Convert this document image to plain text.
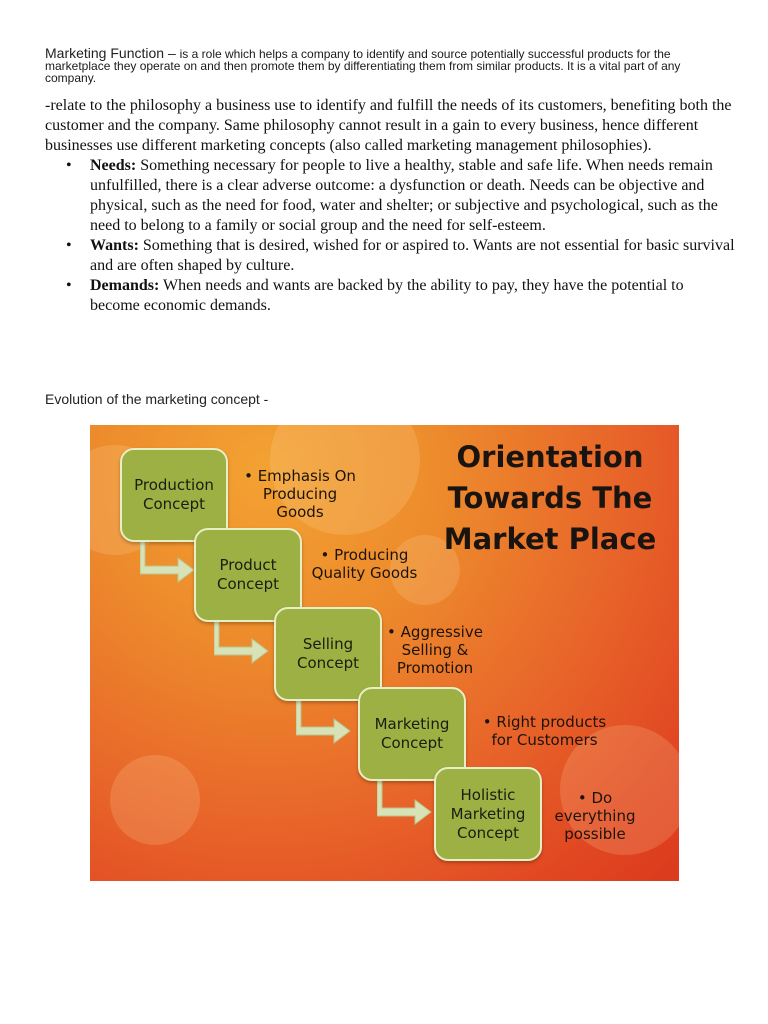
Marketing Function – is a role which helps a company to identify and source potentially successful products for the marketplace they operate on and then promote them by differentiating them from similar products. It is a vital part of any company.

-relate to the philosophy a business use to identify and fulfill the needs of its customers, benefiting both the customer and the company. Same philosophy cannot result in a gain to every business, hence different businesses use different marketing concepts (also called marketing management philosophies).

• Needs: Something necessary for people to live a healthy, stable and safe life. When needs remain unfulfilled, there is a clear adverse outcome: a dysfunction or death. Needs can be objective and physical, such as the need for food, water and shelter; or subjective and psychological, such as the need to belong to a family or social group and the need for self-esteem.
• Wants: Something that is desired, wished for or aspired to. Wants are not essential for basic survival and are often shaped by culture.
• Demands: When needs and wants are backed by the ability to pay, they have the potential to become economic demands.
Evolution of the marketing concept -
Orientation Towards The Market Place
Production
Concept
Product
Concept
Selling
Concept
Marketing
Concept
Holistic
Marketing
Concept
• Emphasis On
Producing
Goods
• Producing
Quality Goods
• Aggressive
Selling &
Promotion
• Right products
for Customers
• Do
everything
possible
